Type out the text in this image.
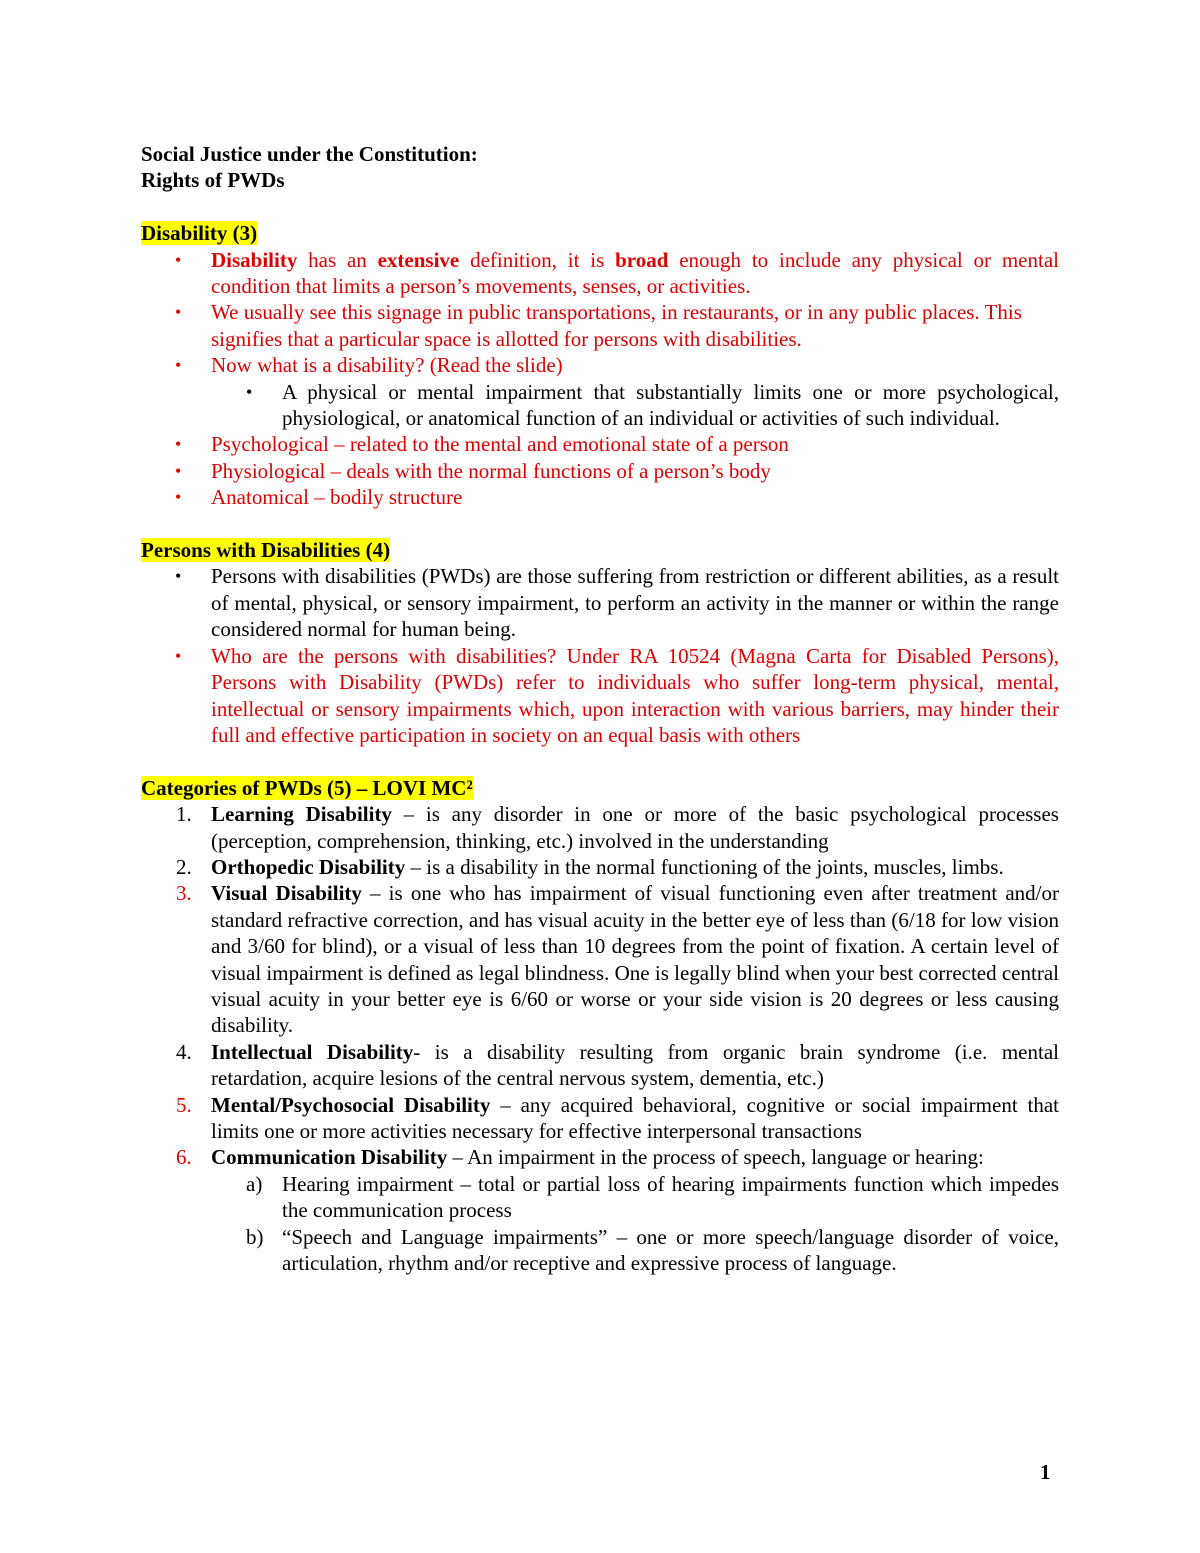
Social Justice under the Constitution:
Rights of PWDs
Disability (3)
• Disability has an extensive definition, it is broad enough to include any physical or mental condition that limits a person’s movements, senses, or activities.
• We usually see this signage in public transportations, in restaurants, or in any public places. This signifies that a particular space is allotted for persons with disabilities.
• Now what is a disability? (Read the slide)
• A physical or mental impairment that substantially limits one or more psychological, physiological, or anatomical function of an individual or activities of such individual.
• Psychological – related to the mental and emotional state of a person
• Physiological – deals with the normal functions of a person’s body
• Anatomical – bodily structure
Persons with Disabilities (4)
• Persons with disabilities (PWDs) are those suffering from restriction or different abilities, as a result of mental, physical, or sensory impairment, to perform an activity in the manner or within the range considered normal for human being.
• Who are the persons with disabilities? Under RA 10524 (Magna Carta for Disabled Persons), Persons with Disability (PWDs) refer to individuals who suffer long-term physical, mental, intellectual or sensory impairments which, upon interaction with various barriers, may hinder their full and effective participation in society on an equal basis with others
Categories of PWDs (5) – LOVI MC²
1. Learning Disability – is any disorder in one or more of the basic psychological processes (perception, comprehension, thinking, etc.) involved in the understanding
2. Orthopedic Disability – is a disability in the normal functioning of the joints, muscles, limbs.
3. Visual Disability – is one who has impairment of visual functioning even after treatment and/or standard refractive correction, and has visual acuity in the better eye of less than (6/18 for low vision and 3/60 for blind), or a visual of less than 10 degrees from the point of fixation. A certain level of visual impairment is defined as legal blindness. One is legally blind when your best corrected central visual acuity in your better eye is 6/60 or worse or your side vision is 20 degrees or less causing disability.
4. Intellectual Disability- is a disability resulting from organic brain syndrome (i.e. mental retardation, acquire lesions of the central nervous system, dementia, etc.)
5. Mental/Psychosocial Disability – any acquired behavioral, cognitive or social impairment that limits one or more activities necessary for effective interpersonal transactions
6. Communication Disability – An impairment in the process of speech, language or hearing:
a) Hearing impairment – total or partial loss of hearing impairments function which impedes the communication process
b) “Speech and Language impairments” – one or more speech/language disorder of voice, articulation, rhythm and/or receptive and expressive process of language.
1
